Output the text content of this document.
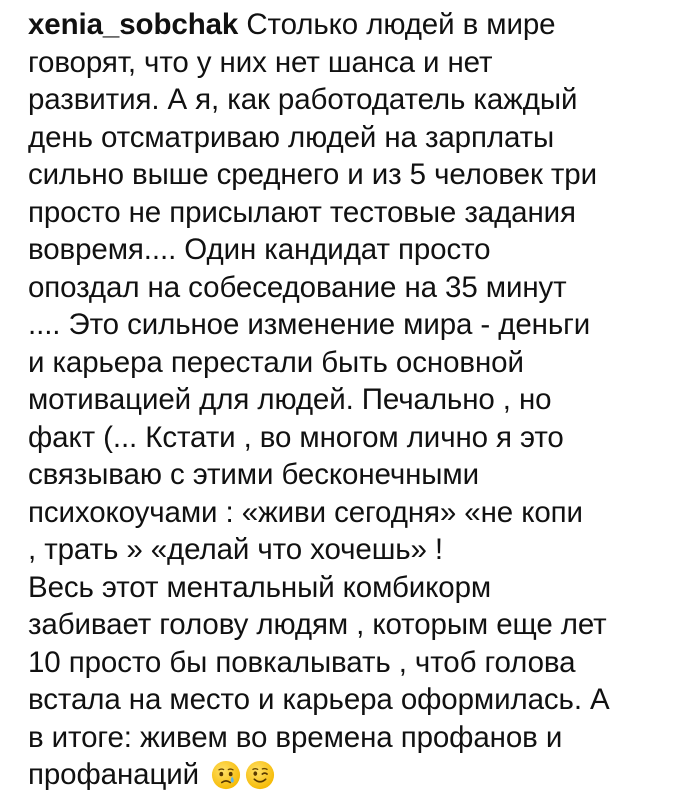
xenia_sobchak Столько людей в мире
говорят, что у них нет шанса и нет
развития. А я, как работодатель каждый
день отсматриваю людей на зарплаты
сильно выше среднего и из 5 человек три
просто не присылают тестовые задания
вовремя.... Один кандидат просто
опоздал на собеседование на 35 минут
.... Это сильное изменение мира - деньги
и карьера перестали быть основной
мотивацией для людей. Печально , но
факт (... Кстати , во многом лично я это
связываю с этими бесконечными
психокоучами : «живи сегодня» «не копи
, трать » «делай что хочешь» !
Весь этот ментальный комбикорм
забивает голову людям , которым еще лет
10 просто бы повкалывать , чтоб голова
встала на место и карьера оформилась. А
в итоге: живем во времена профанов и
профанаций
